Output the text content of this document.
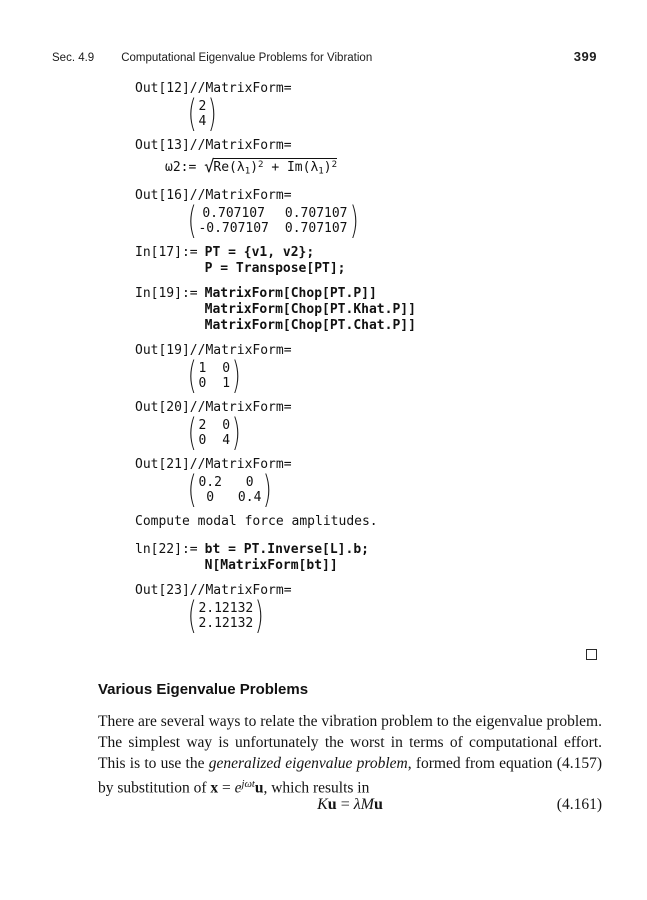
Sec. 4.9 Computational Eigenvalue Problems for Vibration	399
Out[12]//MatrixForm=
( 2
4 )
Out[13]//MatrixForm=
ω2:= $√Re(\lambda 1)^2 + Im(\lambda 1)^2$
Out[16]//MatrixForm=
( 0.707107 0.707107
-0.707107 0.707107 )
In[17]:= PT = {v1, v2};
P = Transpose[PT];
In[19]:= MatrixForm[Chop[PT.P]]
MatrixForm[Chop[PT.Khat.P]]
MatrixForm[Chop[PT.Chat.P]]
Out[19]//MatrixForm=
( 1 0
0 1 )
Out[20]//MatrixForm=
( 2 0
0 4 )
Out[21]//MatrixForm=
( 0.2 0
0 0.4 )
Compute modal force amplitudes.
ln[22]:= bt = PT.Inverse[L].b;
N[MatrixForm[bt]]
Out[23]//MatrixForm=
( 2.12132
2.12132 )
Various Eigenvalue Problems

There are several ways to relate the vibration problem to the eigenvalue problem. The simplest way is unfortunately the worst in terms of computational effort. This is to use the generalized eigenvalue problem, formed from equation (4.157) by substitution of $x = e^{j\omega t}u$, which results in

Ku = λMu	(4.161)
